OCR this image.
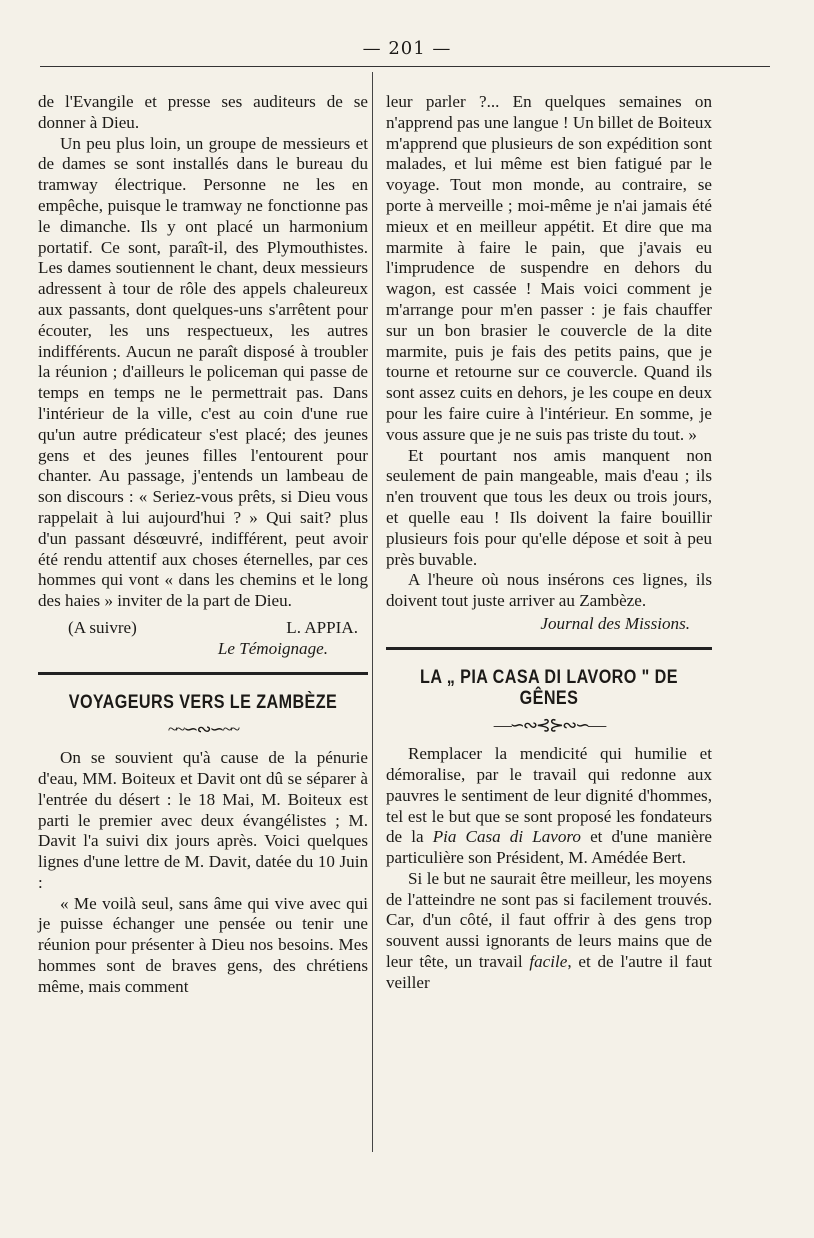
— 201 —

de l'Evangile et presse ses auditeurs de se donner à Dieu.

Un peu plus loin, un groupe de messieurs et de dames se sont installés dans le bureau du tramway électrique. Personne ne les en empêche, puisque le tramway ne fonctionne pas le dimanche. Ils y ont placé un harmonium portatif. Ce sont, paraît-il, des Plymouthistes. Les dames soutiennent le chant, deux messieurs adressent à tour de rôle des appels chaleureux aux passants, dont quelques-uns s'arrêtent pour écouter, les uns respectueux, les autres indifférents. Aucun ne paraît disposé à troubler la réunion ; d'ailleurs le policeman qui passe de temps en temps ne le permettrait pas. Dans l'intérieur de la ville, c'est au coin d'une rue qu'un autre prédicateur s'est placé; des jeunes gens et des jeunes filles l'entourent pour chanter. Au passage, j'entends un lambeau de son discours : « Seriez-vous prêts, si Dieu vous rappelait à lui aujourd'hui ? » Qui sait? plus d'un passant désœuvré, indifférent, peut avoir été rendu attentif aux choses éternelles, par ces hommes qui vont « dans les chemins et le long des haies » inviter de la part de Dieu.

(A suivre)	L. APPIA.
Le Témoignage.
VOYAGEURS VERS LE ZAMBÈZE
~~∽∾∽~~

On se souvient qu'à cause de la pénurie d'eau, MM. Boiteux et Davit ont dû se séparer à l'entrée du désert : le 18 Mai, M. Boiteux est parti le premier avec deux évangélistes ; M. Davit l'a suivi dix jours après. Voici quelques lignes d'une lettre de M. Davit, datée du 10 Juin :

« Me voilà seul, sans âme qui vive avec qui je puisse échanger une pensée ou tenir une réunion pour présenter à Dieu nos besoins. Mes hommes sont de braves gens, des chrétiens même, mais comment

leur parler ?... En quelques semaines on n'apprend pas une langue ! Un billet de Boiteux m'apprend que plusieurs de son expédition sont malades, et lui même est bien fatigué par le voyage. Tout mon monde, au contraire, se porte à merveille ; moi-même je n'ai jamais été mieux et en meilleur appétit. Et dire que ma marmite à faire le pain, que j'avais eu l'imprudence de suspendre en dehors du wagon, est cassée ! Mais voici comment je m'arrange pour m'en passer : je fais chauffer sur un bon brasier le couvercle de la dite marmite, puis je fais des petits pains, que je tourne et retourne sur ce couvercle. Quand ils sont assez cuits en dehors, je les coupe en deux pour les faire cuire à l'intérieur. En somme, je vous assure que je ne suis pas triste du tout. »

Et pourtant nos amis manquent non seulement de pain mangeable, mais d'eau ; ils n'en trouvent que tous les deux ou trois jours, et quelle eau ! Ils doivent la faire bouillir plusieurs fois pour qu'elle dépose et soit à peu près buvable.

A l'heure où nous insérons ces lignes, ils doivent tout juste arriver au Zambèze.

Journal des Missions.
LA „ PIA CASA DI LAVORO " DE GÊNES
—∽∾⊰⊱∾∽—

Remplacer la mendicité qui humilie et démoralise, par le travail qui redonne aux pauvres le sentiment de leur dignité d'hommes, tel est le but que se sont proposé les fondateurs de la Pia Casa di Lavoro et d'une manière particulière son Président, M. Amédée Bert.

Si le but ne saurait être meilleur, les moyens de l'atteindre ne sont pas si facilement trouvés. Car, d'un côté, il faut offrir à des gens trop souvent aussi ignorants de leurs mains que de leur tête, un travail facile, et de l'autre il faut veiller
